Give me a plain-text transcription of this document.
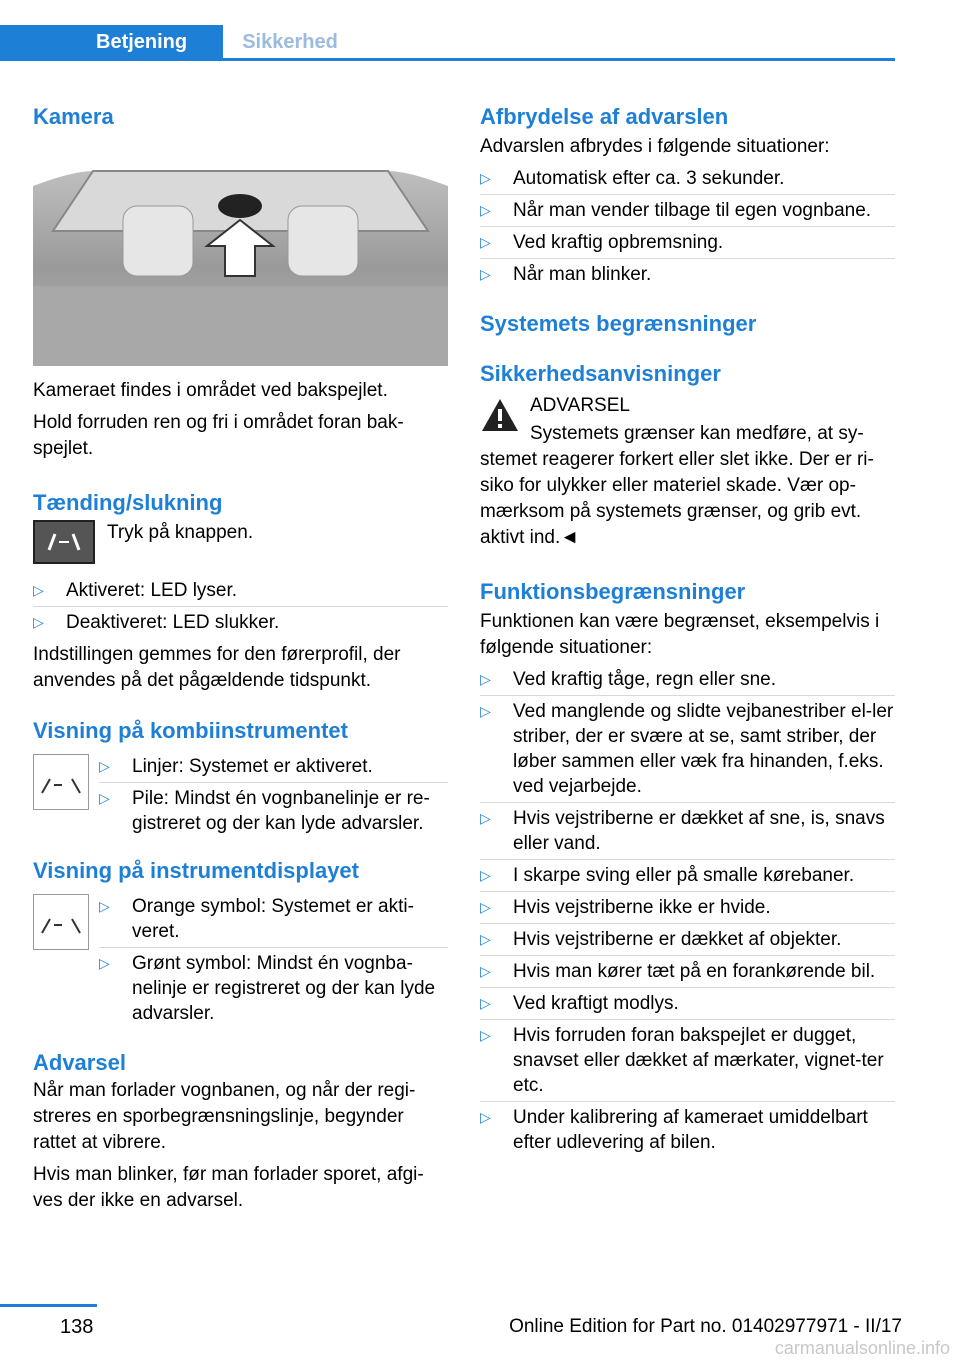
Betjening	Sikkerhed
Kamera

Kameraet findes i området ved bakspejlet.

Hold forruden ren og fri i området foran bak‐spejlet.

Tænding/slukning

Tryk på knappen.

▷ Aktiveret: LED lyser.
▷ Deaktiveret: LED slukker.

Indstillingen gemmes for den førerprofil, der anvendes på det pågældende tidspunkt.

Visning på kombiinstrumentet
▷ Linjer: Systemet er aktiveret.
▷ Pile: Mindst én vognbanelinje er re‐gistreret og der kan lyde advarsler.
Visning på instrumentdisplayet
▷ Orange symbol: Systemet er akti‐veret.
▷ Grønt symbol: Mindst én vognba‐nelinje er registreret og der kan lyde advarsler.
Advarsel

Når man forlader vognbanen, og når der regi‐streres en sporbegrænsningslinje, begynder rattet at vibrere.

Hvis man blinker, før man forlader sporet, afgi‐ves der ikke en advarsel.

Afbrydelse af advarslen

Advarslen afbrydes i følgende situationer:

▷ Automatisk efter ca. 3 sekunder.
▷ Når man vender tilbage til egen vognbane.
▷ Ved kraftig opbremsning.
▷ Når man blinker.
Systemets begrænsninger
Sikkerhedsanvisninger

ADVARSEL

Systemets grænser kan medføre, at sy‐stemet reagerer forkert eller slet ikke. Der er ri‐siko for ulykker eller materiel skade. Vær op‐mærksom på systemets grænser, og grib evt. aktivt ind.◄

Funktionsbegrænsninger

Funktionen kan være begrænset, eksempelvis i følgende situationer:

▷ Ved kraftig tåge, regn eller sne.
▷ Ved manglende og slidte vejbanestriber el‐ler striber, der er svære at se, samt striber, der løber sammen eller væk fra hinanden, f.eks. ved vejarbejde.
▷ Hvis vejstriberne er dækket af sne, is, snavs eller vand.
▷ I skarpe sving eller på smalle kørebaner.
▷ Hvis vejstriberne ikke er hvide.
▷ Hvis vejstriberne er dækket af objekter.
▷ Hvis man kører tæt på en forankørende bil.
▷ Ved kraftigt modlys.
▷ Hvis forruden foran bakspejlet er dugget, snavset eller dækket af mærkater, vignet‐ter etc.
▷ Under kalibrering af kameraet umiddelbart efter udlevering af bilen.
138	Online Edition for Part no. 01402977971 - II/17
carmanualsonline.info
